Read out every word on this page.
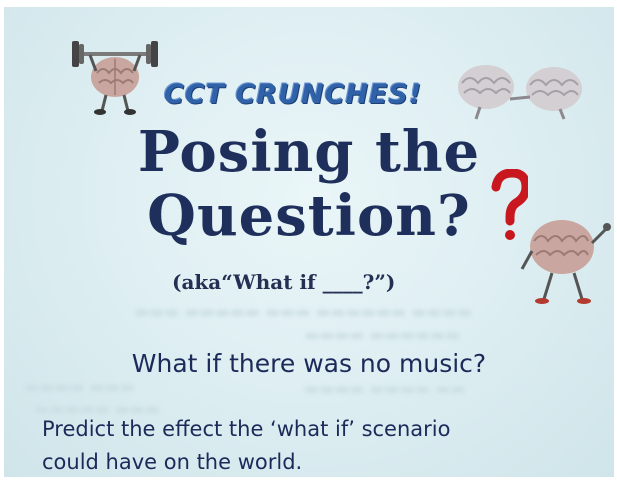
▬▬▬ ▬▬▬▬▬ ▬▬▬ ▬▬▬▬▬▬ ▬▬▬▬
▬▬▬▬ ▬▬▬▬▬▬
▬▬▬▬ ▬▬▬
▬▬▬▬▬ ▬▬▬
▬▬▬▬ ▬▬▬▬ ▬▬
CCT CRUNCHES!
Posing the
Question?
(aka“What if ____?”)
What if there was no music?
Predict the effect the ‘what if’ scenario
could have on the world.
